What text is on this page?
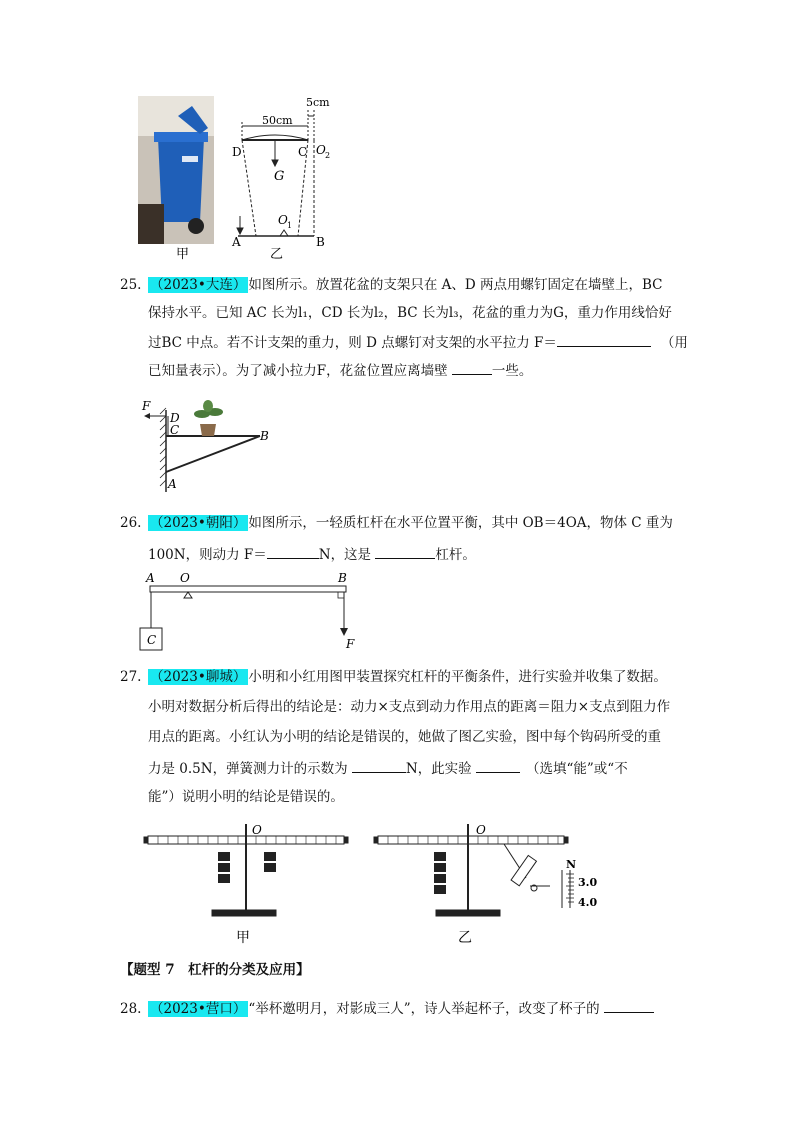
甲
50cm
5cm
D	C O 2
G
O 1
A	B
乙
25. （2023•大连） 如图所示。放置花盆的支架只在 A、D 两点用螺钉固定在墙壁上，BC
保持水平。已知 AC 长为l₁，CD 长为l₂，BC 长为l₃，花盆的重力为G，重力作用线恰好
过BC 中点。若不计支架的重力，则 D 点螺钉对支架的水平拉力 F＝	（用
已知量表示）。为了减小拉力F，花盆位置应离墙壁	一些。
F
D
C	B
A
26. （2023•朝阳） 如图所示，一轻质杠杆在水平位置平衡，其中 OB＝4OA，物体 C 重为
100N，则动力 F＝	N，这是	杠杆。
A O	B
C	F
27. （2023•聊城） 小明和小红用图甲装置探究杠杆的平衡条件，进行实验并收集了数据。
小明对数据分析后得出的结论是：动力×支点到动力作用点的距离＝阻力×支点到阻力作
用点的距离。小红认为小明的结论是错误的，她做了图乙实验，图中每个钩码所受的重
力是 0.5N，弹簧测力计的示数为	N，此实验	（选填“能”或“不
能”）说明小明的结论是错误的。
O
甲
O
N
3.0
4.0
乙
【题型 7　杠杆的分类及应用】
28. （2023•营口） “举杯邀明月，对影成三人”，诗人举起杯子，改变了杯子的
